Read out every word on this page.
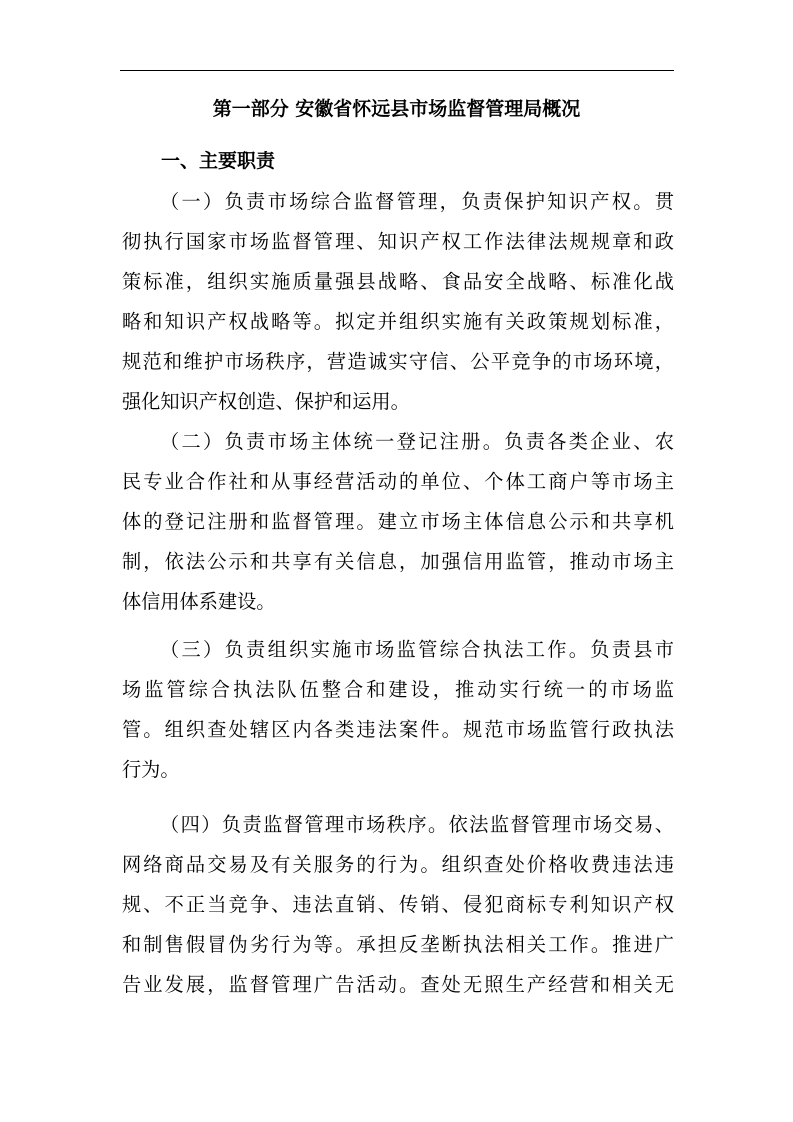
第一部分 安徽省怀远县市场监督管理局概况
一、主要职责

（一）负责市场综合监督管理，负责保护知识产权。贯

彻执行国家市场监督管理、知识产权工作法律法规规章和政

策标准，组织实施质量强县战略、食品安全战略、标准化战

略和知识产权战略等。拟定并组织实施有关政策规划标准，

规范和维护市场秩序，营造诚实守信、公平竞争的市场环境，

强化知识产权创造、保护和运用。

（二）负责市场主体统一登记注册。负责各类企业、农

民专业合作社和从事经营活动的单位、个体工商户等市场主

体的登记注册和监督管理。建立市场主体信息公示和共享机

制，依法公示和共享有关信息，加强信用监管，推动市场主

体信用体系建设。

（三）负责组织实施市场监管综合执法工作。负责县市

场监管综合执法队伍整合和建设，推动实行统一的市场监

管。组织查处辖区内各类违法案件。规范市场监管行政执法

行为。

（四）负责监督管理市场秩序。依法监督管理市场交易、

网络商品交易及有关服务的行为。组织查处价格收费违法违

规、不正当竞争、违法直销、传销、侵犯商标专利知识产权

和制售假冒伪劣行为等。承担反垄断执法相关工作。推进广

告业发展，监督管理广告活动。查处无照生产经营和相关无
